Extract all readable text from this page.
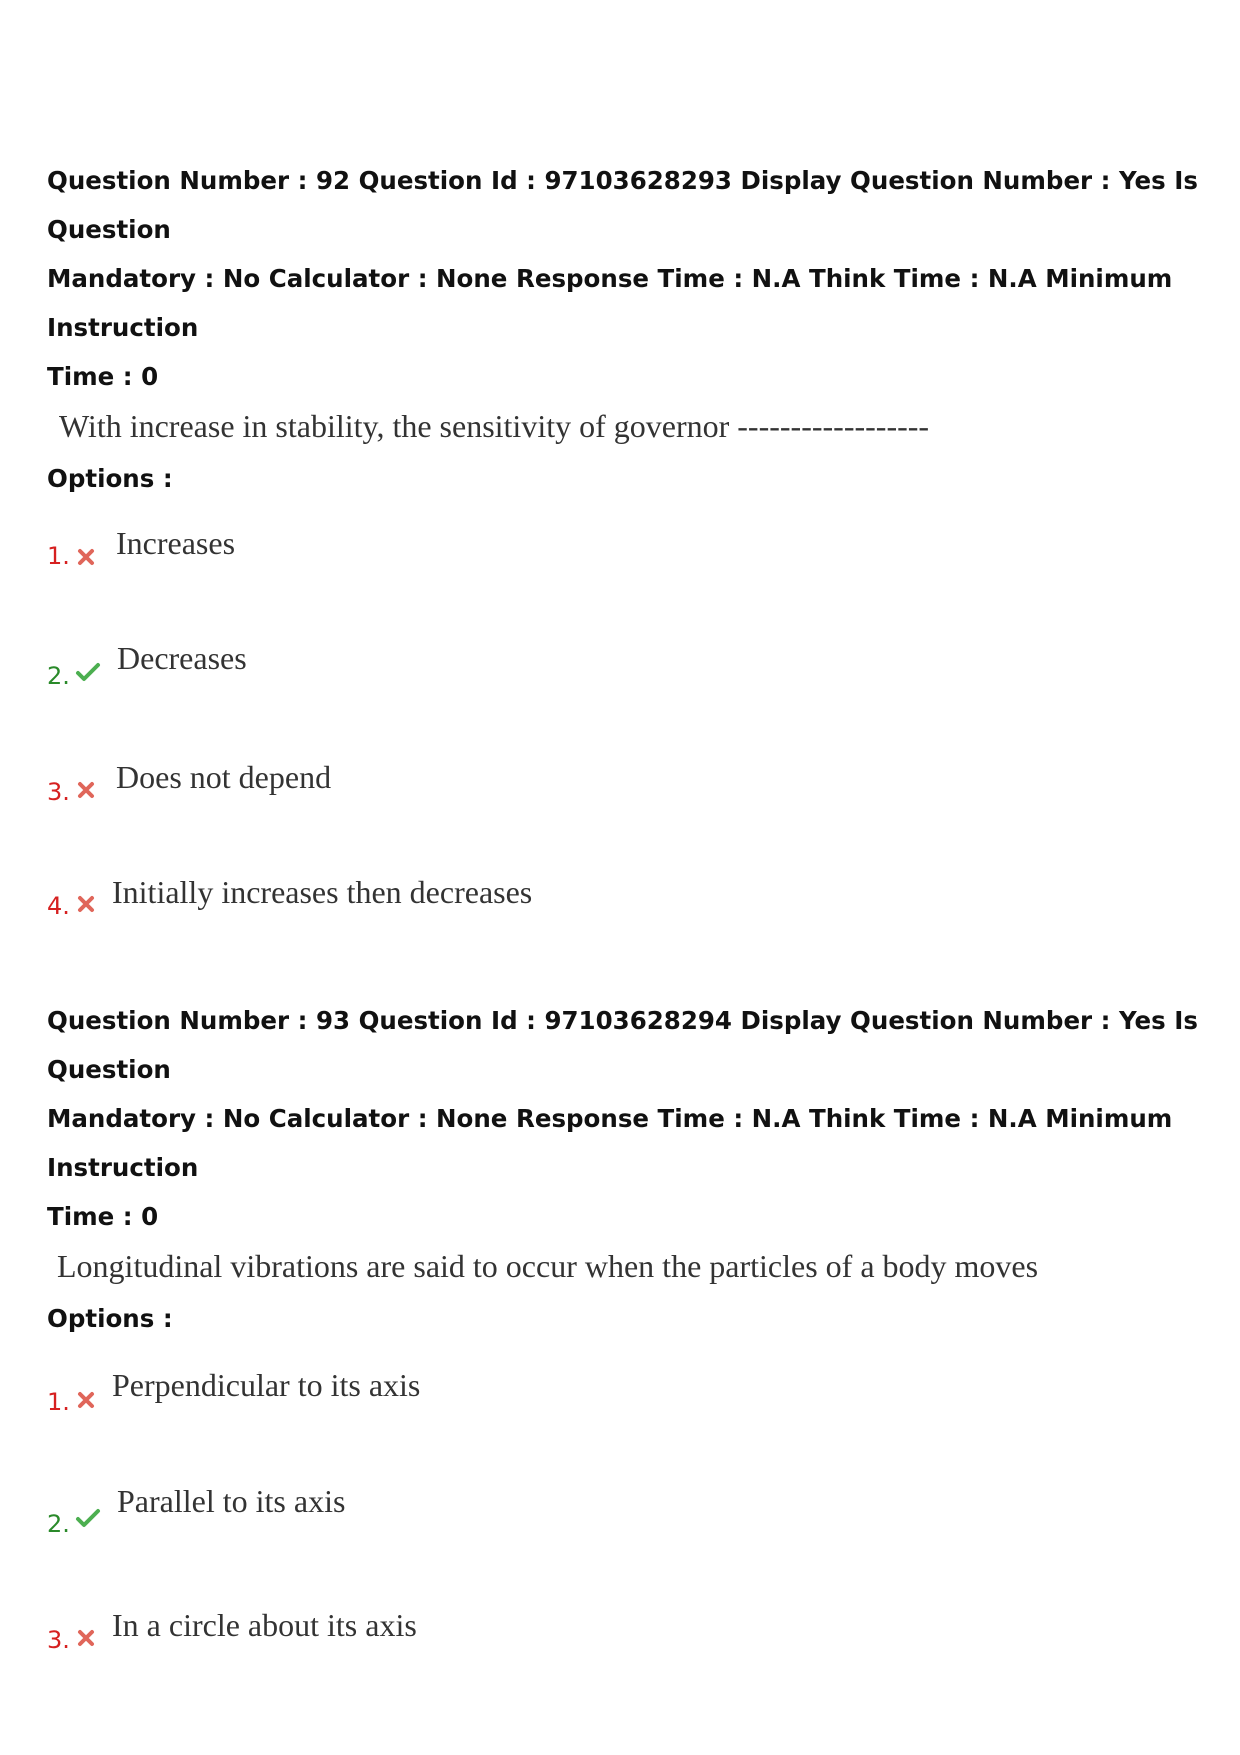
Question Number : 92 Question Id : 97103628293 Display Question Number : Yes Is Question

Mandatory : No Calculator : None Response Time : N.A Think Time : N.A Minimum Instruction

Time : 0

With increase in stability, the sensitivity of governor ------------------

Options :

1. Increases
2. Decreases
3. Does not depend
4. Initially increases then decreases

Question Number : 93 Question Id : 97103628294 Display Question Number : Yes Is Question

Mandatory : No Calculator : None Response Time : N.A Think Time : N.A Minimum Instruction

Time : 0

Longitudinal vibrations are said to occur when the particles of a body moves

Options :

1. Perpendicular to its axis
2.
Parallel to its axis
3. In a circle about its axis
